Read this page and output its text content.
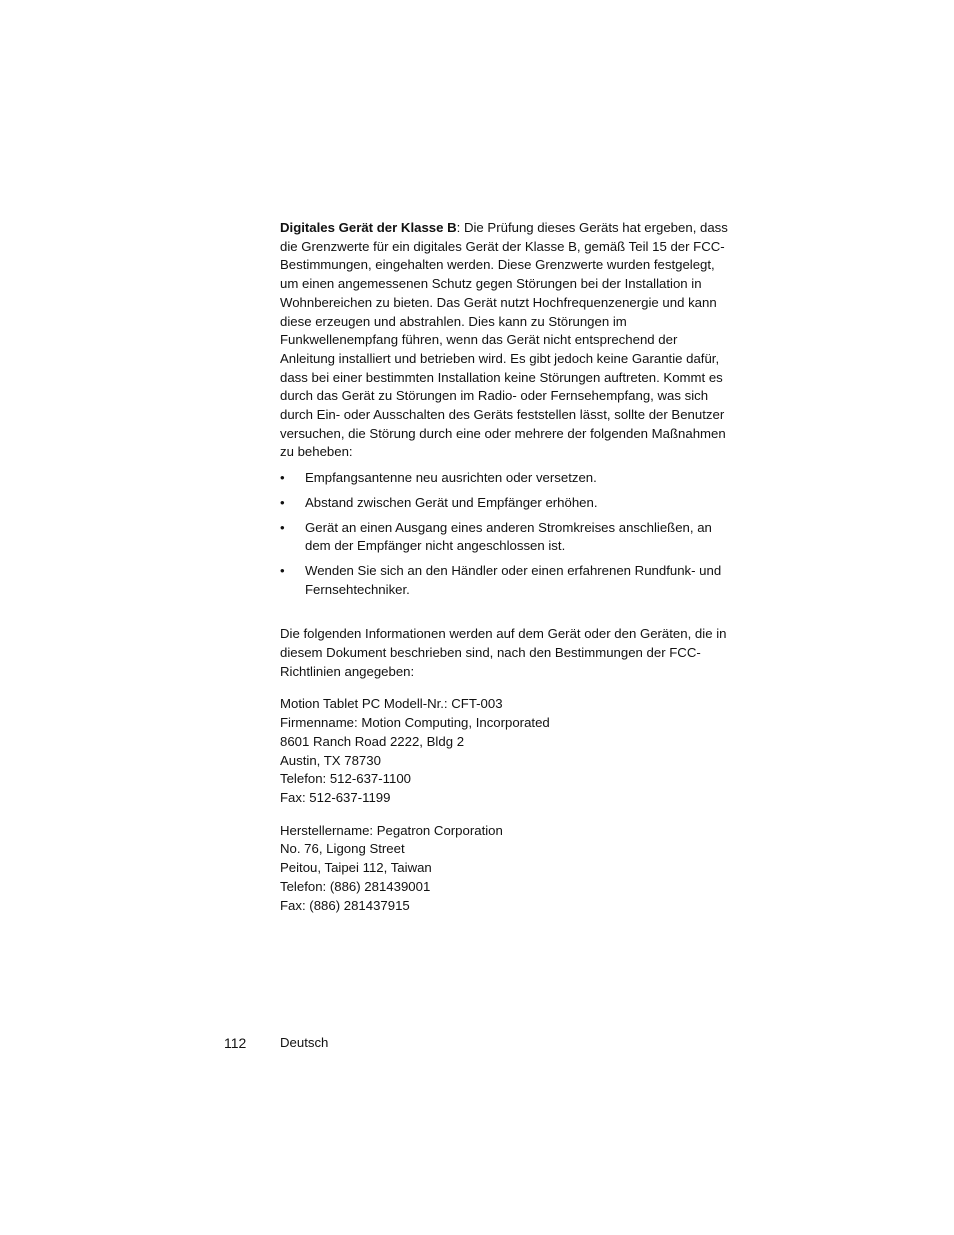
Digitales Gerät der Klasse B: Die Prüfung dieses Geräts hat ergeben, dass die Grenzwerte für ein digitales Gerät der Klasse B, gemäß Teil 15 der FCC-Bestimmungen, eingehalten werden. Diese Grenzwerte wurden festgelegt, um einen angemessenen Schutz gegen Störungen bei der Installation in Wohnbereichen zu bieten. Das Gerät nutzt Hochfrequenzenergie und kann diese erzeugen und abstrahlen. Dies kann zu Störungen im Funkwellenempfang führen, wenn das Gerät nicht entsprechend der Anleitung installiert und betrieben wird. Es gibt jedoch keine Garantie dafür, dass bei einer bestimmten Installation keine Störungen auftreten. Kommt es durch das Gerät zu Störungen im Radio- oder Fernsehempfang, was sich durch Ein- oder Ausschalten des Geräts feststellen lässt, sollte der Benutzer versuchen, die Störung durch eine oder mehrere der folgenden Maßnahmen zu beheben:

• Empfangsantenne neu ausrichten oder versetzen.
• Abstand zwischen Gerät und Empfänger erhöhen.
• Gerät an einen Ausgang eines anderen Stromkreises anschließen, an dem der Empfänger nicht angeschlossen ist.
• Wenden Sie sich an den Händler oder einen erfahrenen Rundfunk- und Fernsehtechniker.

Die folgenden Informationen werden auf dem Gerät oder den Geräten, die in diesem Dokument beschrieben sind, nach den Bestimmungen der FCC-Richtlinien angegeben:

Motion Tablet PC Modell-Nr.: CFT-003
Firmenname: Motion Computing, Incorporated
8601 Ranch Road 2222, Bldg 2
Austin, TX 78730
Telefon: 512-637-1100
Fax: 512-637-1199
Herstellername: Pegatron Corporation
No. 76, Ligong Street
Peitou, Taipei 112, Taiwan
Telefon: (886) 281439001
Fax: (886) 281437915
112	Deutsch
